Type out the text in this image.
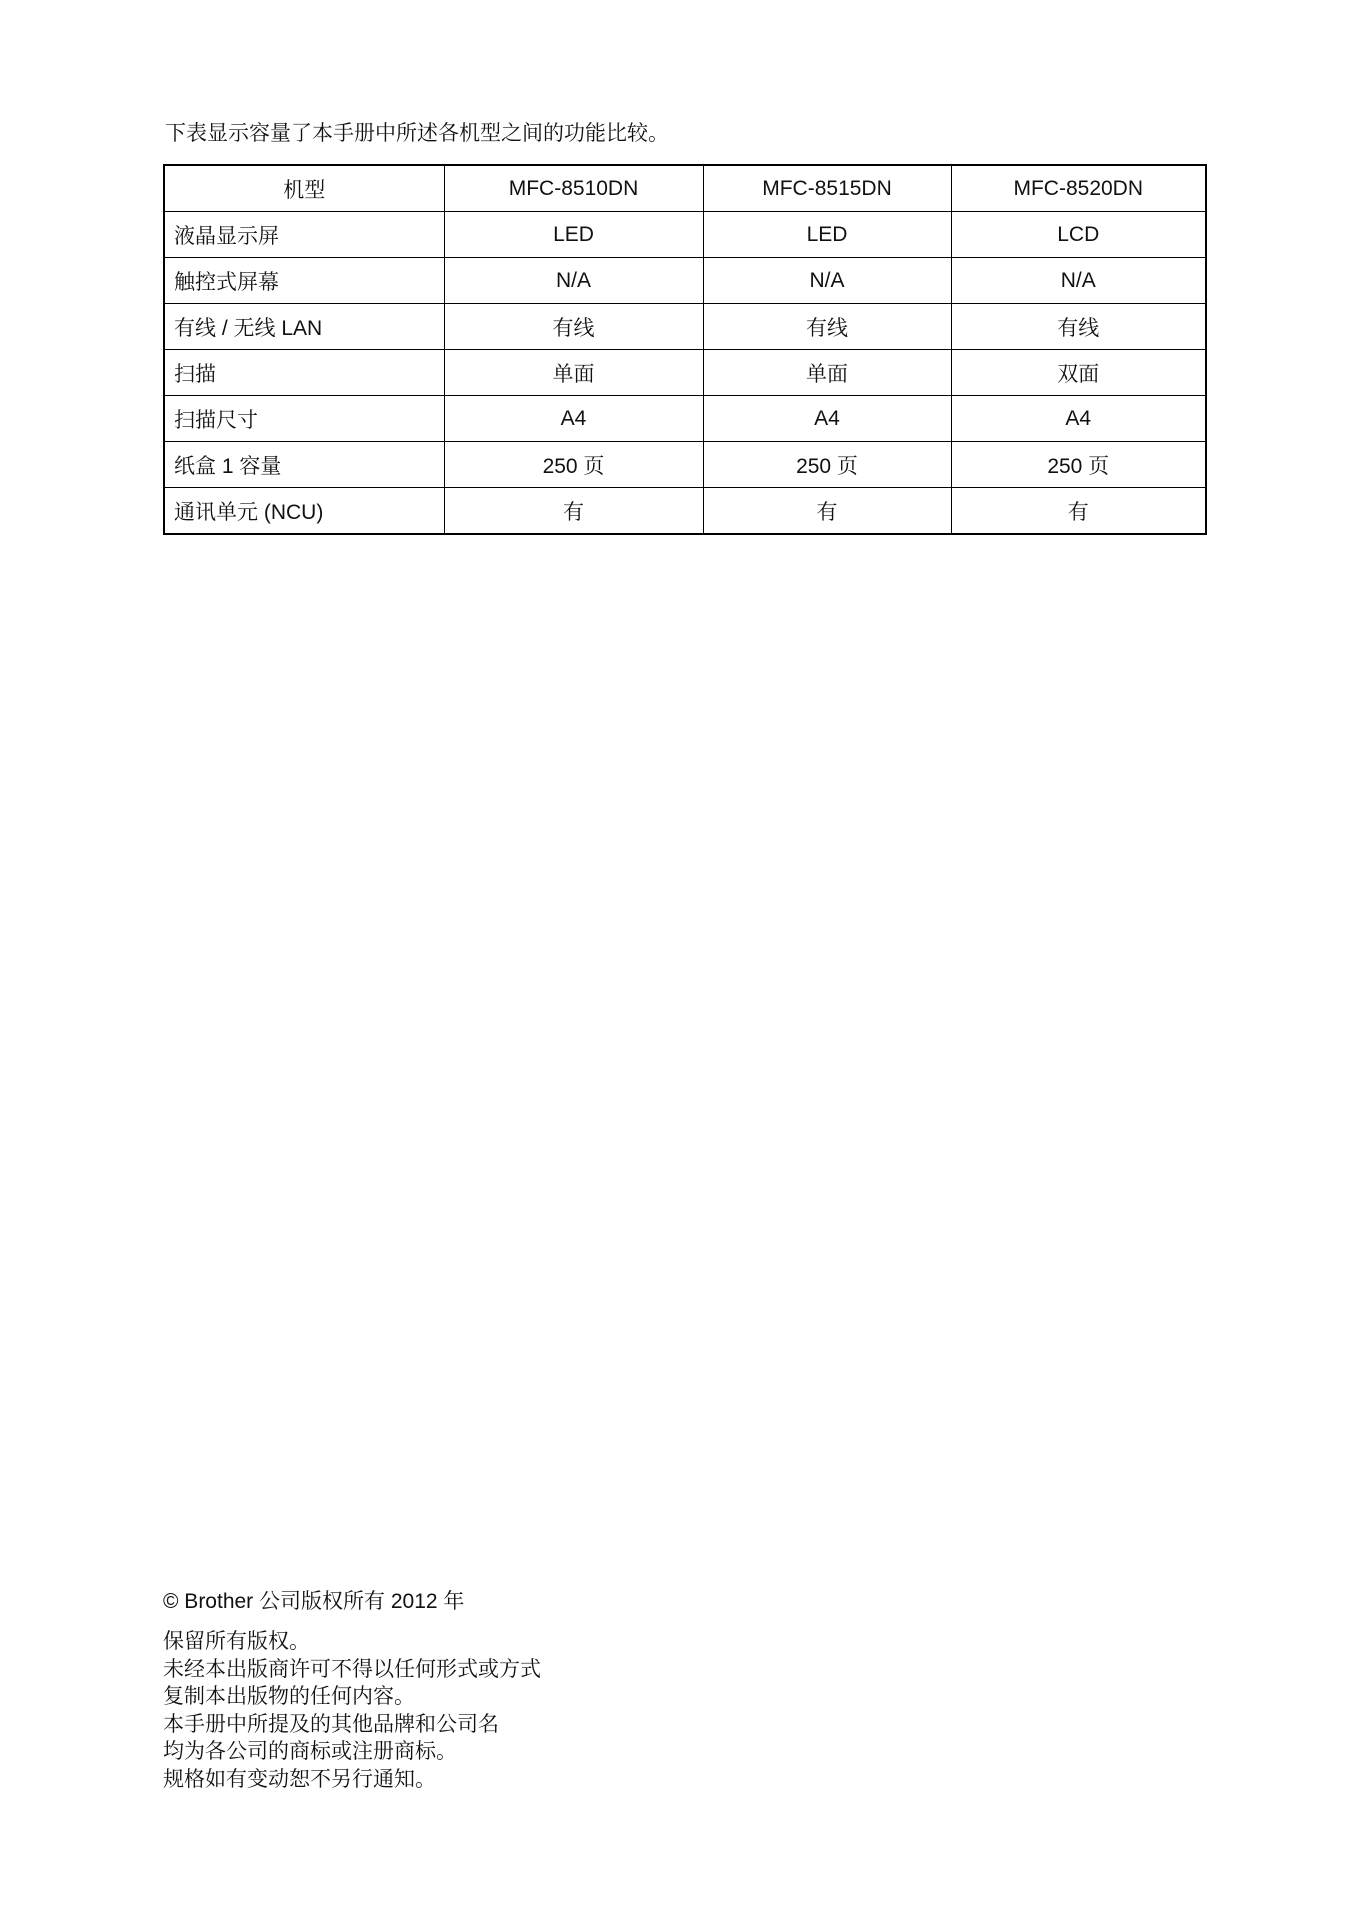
下表显示容量了本手册中所述各机型之间的功能比较。

机型	MFC-8510DN	MFC-8515DN	MFC-8520DN
液晶显示屏	LED	LED	LCD
触控式屏幕	N/A	N/A	N/A
有线 / 无线 LAN	有线	有线	有线
扫描	单面	单面	双面
扫描尺寸	A4	A4	A4
纸盒 1 容量	250 页	250 页	250 页
通讯单元 (NCU)	有	有	有

© Brother 公司版权所有 2012 年

保留所有版权。
未经本出版商许可不得以任何形式或方式
复制本出版物的任何内容。
本手册中所提及的其他品牌和公司名
均为各公司的商标或注册商标。
规格如有变动恕不另行通知。
